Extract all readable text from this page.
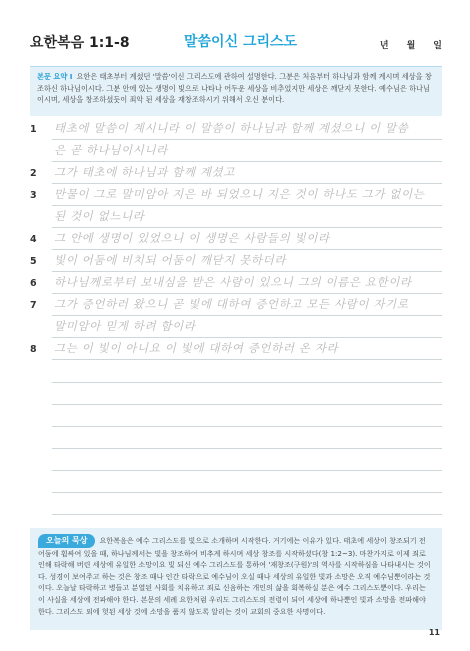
요한복음 1:1-8	말씀이신 그리스도	년 월 일
본문 요약 I 요한은 태초부터 계셨던 '말씀'이신 그리스도에 관하여 설명한다. 그분은 처음부터 하나님과 함께 계시며 세상을 창조하신 하나님이시다. 그분 안에 있는 생명이 빛으로 나타나 어두운 세상을 비추었지만 세상은 깨닫지 못한다. 예수님은 하나님이시며, 세상을 창조하셨듯이 죄악 된 세상을 재창조하시기 위해서 오신 분이다.
1	태초에 말씀이 계시니라 이 말씀이 하나님과 함께 계셨으니 이 말씀
은 곧 하나님이시니라
2	그가 태초에 하나님과 함께 계셨고
3	만물이 그로 말미암아 지은 바 되었으니 지은 것이 하나도 그가 없이는
된 것이 없느니라
4	그 안에 생명이 있었으니 이 생명은 사람들의 빛이라
5	빛이 어둠에 비치되 어둠이 깨닫지 못하더라
6	하나님께로부터 보내심을 받은 사람이 있으니 그의 이름은 요한이라
7	그가 증언하러 왔으니 곧 빛에 대하여 증언하고 모든 사람이 자기로
말미암아 믿게 하려 함이라
8	그는 이 빛이 아니요 이 빛에 대하여 증언하러 온 자라
오늘의 묵상 요한복음은 예수 그리스도를 빛으로 소개하며 시작한다. 거기에는 이유가 있다. 태초에 세상이 창조되기 전 어둠에 휩싸여 있을 때, 하나님께서는 빛을 창조하여 비추게 하시며 세상 창조를 시작하셨다(창 1:2~3). 마찬가지로 이제 죄로 인해 타락해 버린 세상에 유일한 소망이요 빛 되신 예수 그리스도를 통하여 '재창조(구원)'의 역사를 시작하심을 나타내시는 것이다. 성경이 보여주고 하는 것은 창조 때나 인간 타락으로 예수님이 오실 때나 세상의 유일한 빛과 소망은 오직 예수님뿐이라는 것이다. 오늘날 타락하고 병들고 분열된 사회를 치유하고 죄로 신음하는 개인의 삶을 회복하실 분은 예수 그리스도뿐이다. 우리는 이 사실을 세상에 전파해야 한다. 본문의 세례 요한처럼 우리도 그리스도의 전령이 되어 세상에 하나뿐인 빛과 소망을 전파해야 한다. 그리스도 외에 헛된 세상 것에 소망을 품지 않도록 알리는 것이 교회의 중요한 사명이다.
11
